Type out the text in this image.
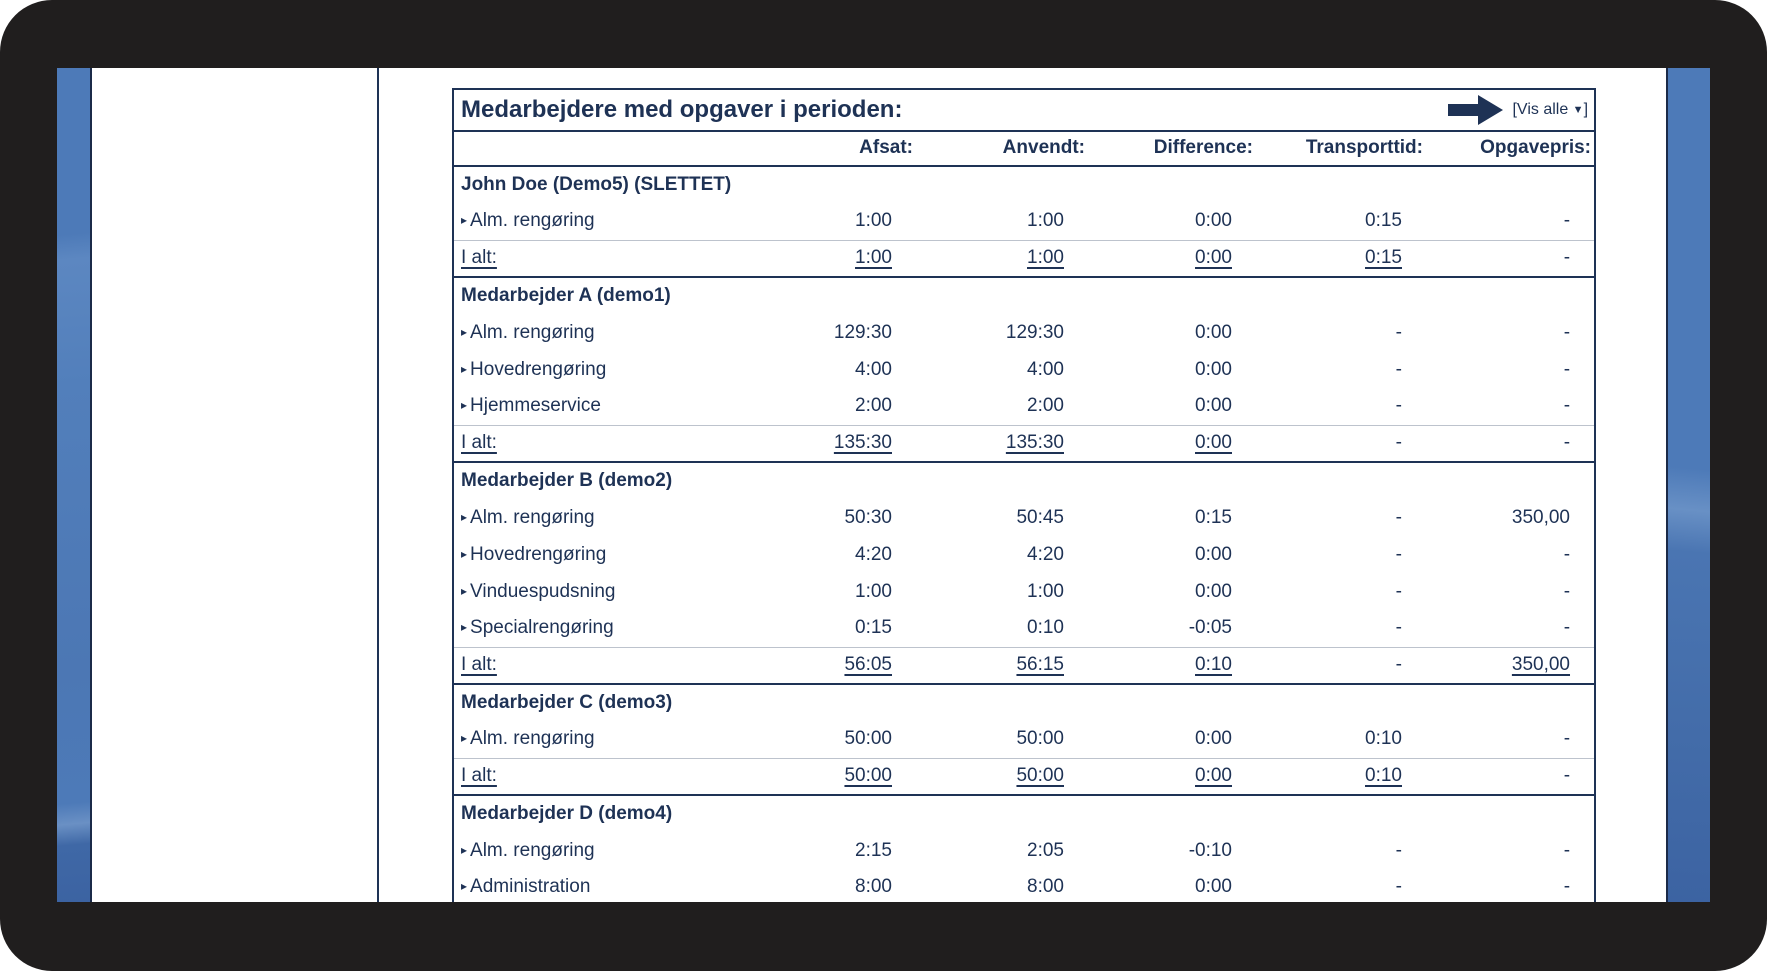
Medarbejdere med opgaver i perioden: [Vis alle ▼]					

	Afsat:	Anvendt:	Difference:	Transporttid:	Opgavepris:
John Doe (Demo5) (SLETTET)					
▸ Alm. rengøring	1:00	1:00	0:00	0:15	-
I alt:	1:00	1:00	0:00	0:15	-
Medarbejder A (demo1)					
▸ Alm. rengøring	129:30	129:30	0:00	-	-
▸ Hovedrengøring	4:00	4:00	0:00	-	-
▸ Hjemmeservice	2:00	2:00	0:00	-	-
I alt:	135:30	135:30	0:00	-	-
Medarbejder B (demo2)					
▸ Alm. rengøring	50:30	50:45	0:15	-	350,00
▸ Hovedrengøring	4:20	4:20	0:00	-	-
▸ Vinduespudsning	1:00	1:00	0:00	-	-
▸ Specialrengøring	0:15	0:10	-0:05	-	-
I alt:	56:05	56:15	0:10	-	350,00
Medarbejder C (demo3)					
▸ Alm. rengøring	50:00	50:00	0:00	0:10	-
I alt:	50:00	50:00	0:00	0:10	-
Medarbejder D (demo4)					
▸ Alm. rengøring	2:15	2:05	-0:10	-	-
▸ Administration	8:00	8:00	0:00	-	-
